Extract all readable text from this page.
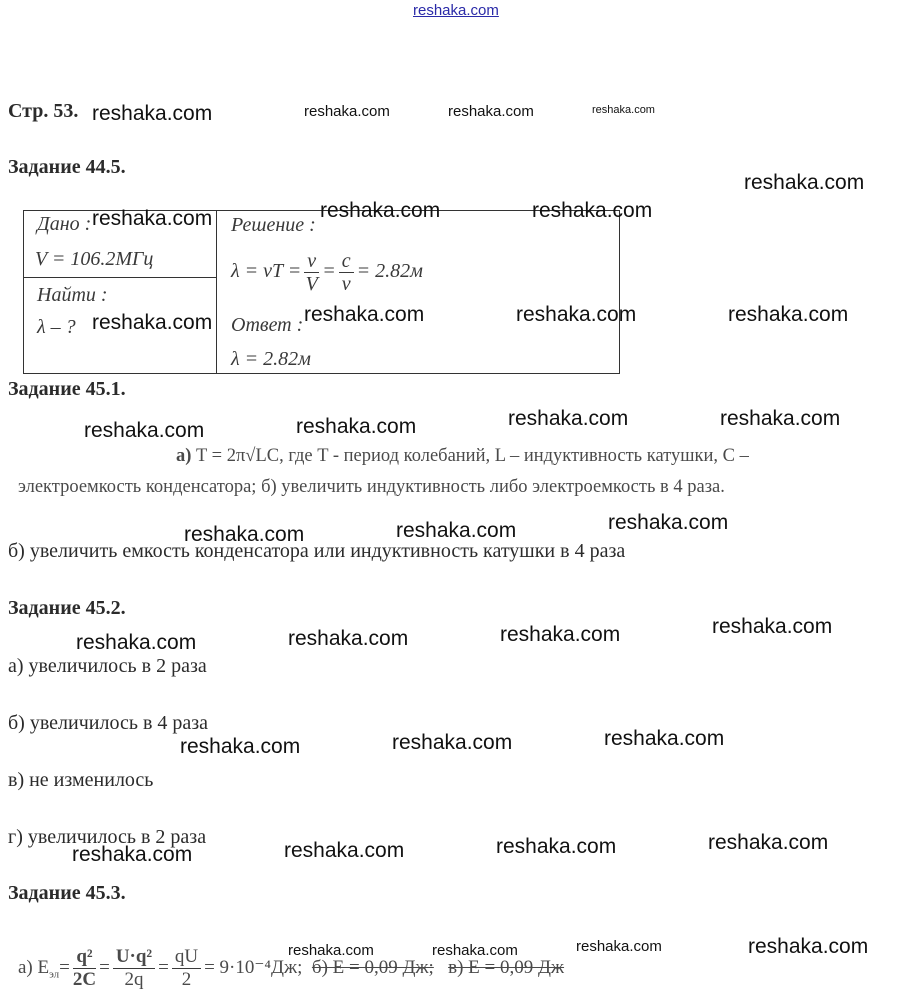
reshaka.com
Стр. 53.
Задание 44.5.
Дано :
V = 106.2МГц
Найти :
λ – ?
Решение :
λ = vT = $\frac{v}{V} = \frac{c}{v} = 2.82м$
Ответ :
λ = 2.82м
Задание 45.1.
а) T = 2π√LC, где T - период колебаний, L – индуктивность катушки, C –
электроемкость конденсатора; б) увеличить индуктивность либо электроемкость в 4 раза.
б) увеличить емкость конденсатора или индуктивность катушки в 4 раза
Задание 45.2.
а) увеличилось в 2 раза
б) увеличилось в 4 раза
в) не изменилось
г) увеличилось в 2 раза
Задание 45.3.
а) $E_{эл}= \frac{\text{q²}}{2C} = \frac{\text{U·q²}}{2q} = \frac{qU}{2} = 9\cdot 10^{-4}Дж$; б) E = 0,09 Дж; в) E = 0,09 Дж
reshaka.com	reshaka.com	reshaka.com	reshaka.com
reshaka.com
reshaka.com	reshaka.com	reshaka.com
reshaka.com	reshaka.com	reshaka.com	reshaka.com
reshaka.com	reshaka.com	reshaka.com	reshaka.com
reshaka.com	reshaka.com	reshaka.com
reshaka.com	reshaka.com	reshaka.com	reshaka.com
reshaka.com	reshaka.com	reshaka.com
reshaka.com	reshaka.com	reshaka.com	reshaka.com
reshaka.com	reshaka.com	reshaka.com	reshaka.com
